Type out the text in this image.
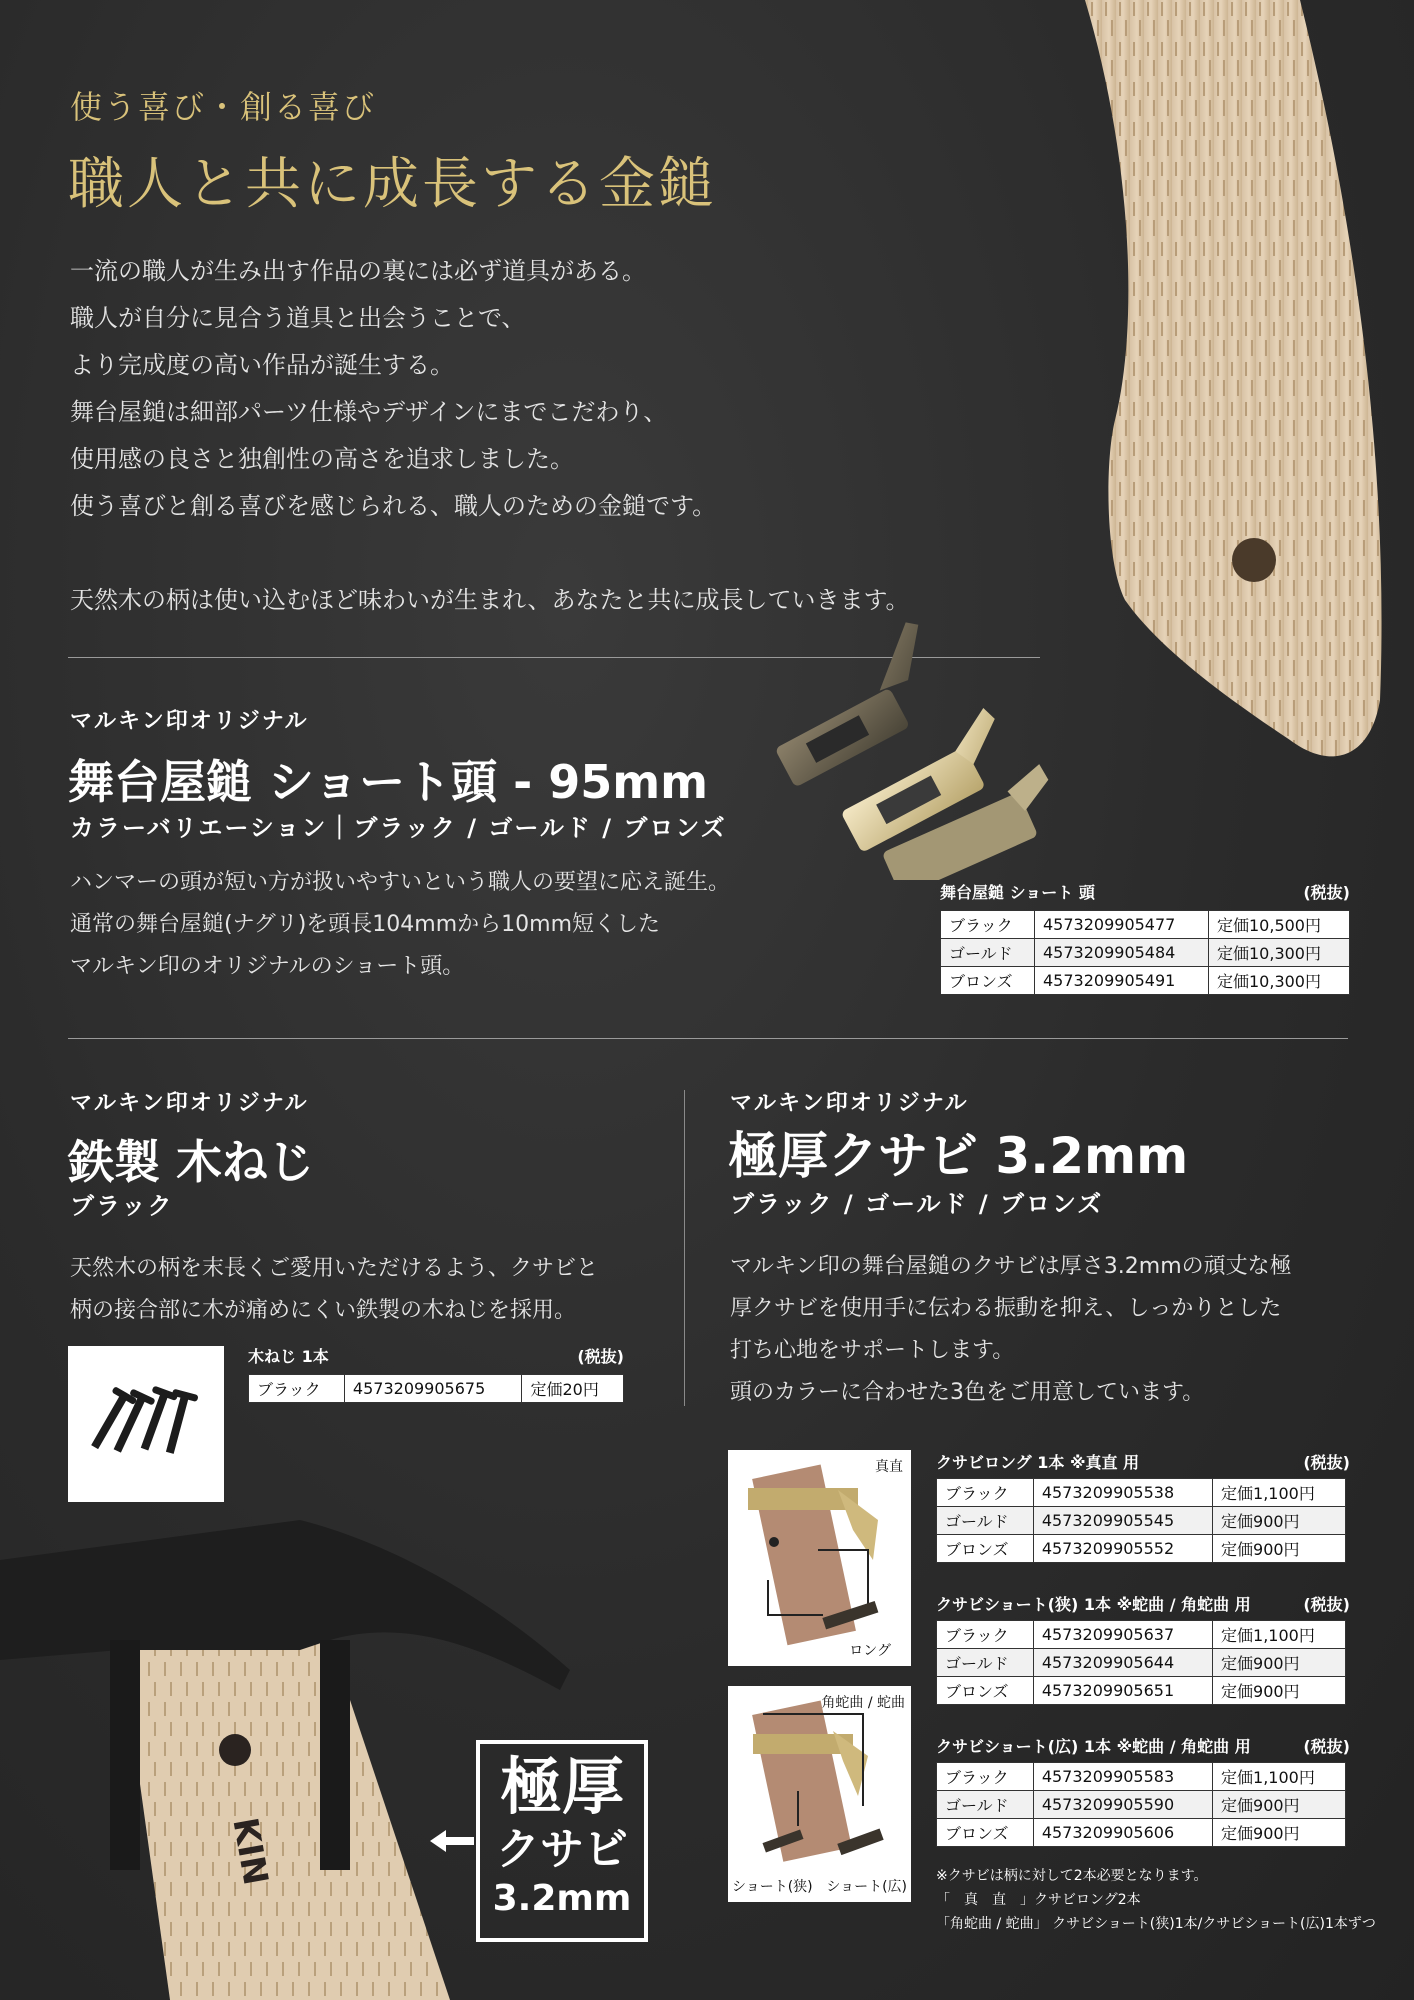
使う喜び・創る喜び
職人と共に成長する金鎚

一流の職人が生み出す作品の裏には必ず道具がある。

職人が自分に見合う道具と出会うことで、

より完成度の高い作品が誕生する。

舞台屋鎚は細部パーツ仕様やデザインにまでこだわり、

使用感の良さと独創性の高さを追求しました。

使う喜びと創る喜びを感じられる、職人のための金鎚です。

天然木の柄は使い込むほど味わいが生まれ、あなたと共に成長していきます。

マルキン印オリジナル
舞台屋鎚 ショート頭 - 95mm
カラーバリエーション｜ブラック / ゴールド / ブロンズ

ハンマーの頭が短い方が扱いやすいという職人の要望に応え誕生。

通常の舞台屋鎚(ナグリ)を頭長104mmから10mm短くした

マルキン印のオリジナルのショート頭。

舞台屋鎚 ショート 頭	(税抜)
ブラック	4573209905477	定価10,500円
ゴールド	4573209905484	定価10,300円
ブロンズ	4573209905491	定価10,300円
マルキン印オリジナル
鉄製 木ねじ
ブラック

天然木の柄を末長くご愛用いただけるよう、クサビと

柄の接合部に木が痛めにくい鉄製の木ねじを採用。

木ねじ 1本	(税抜)
ブラック	4573209905675	定価20円
マルキン印オリジナル
極厚クサビ 3.2mm
ブラック / ゴールド / ブロンズ

マルキン印の舞台屋鎚のクサビは厚さ3.2mmの頑丈な極

厚クサビを使用手に伝わる振動を抑え、しっかりとした

打ち心地をサポートします。

頭のカラーに合わせた3色をご用意しています。

真直
ロング
角蛇曲 / 蛇曲
ショート(狭) ショート(広)
クサビロング 1本 ※真直 用	(税抜)
ブラック	4573209905538	定価1,100円
ゴールド	4573209905545	定価900円
ブロンズ	4573209905552	定価900円
クサビショート(狭) 1本 ※蛇曲 / 角蛇曲 用	(税抜)
ブラック	4573209905637	定価1,100円
ゴールド	4573209905644	定価900円
ブロンズ	4573209905651	定価900円
クサビショート(広) 1本 ※蛇曲 / 角蛇曲 用	(税抜)
ブラック	4573209905583	定価1,100円
ゴールド	4573209905590	定価900円
ブロンズ	4573209905606	定価900円

※クサビは柄に対して2本必要となります。

「　真　直　」クサビロング2本

「角蛇曲 / 蛇曲」 クサビショート(狭)1本/クサビショート(広)1本ずつ

KIN
極厚
クサビ
3.2mm
